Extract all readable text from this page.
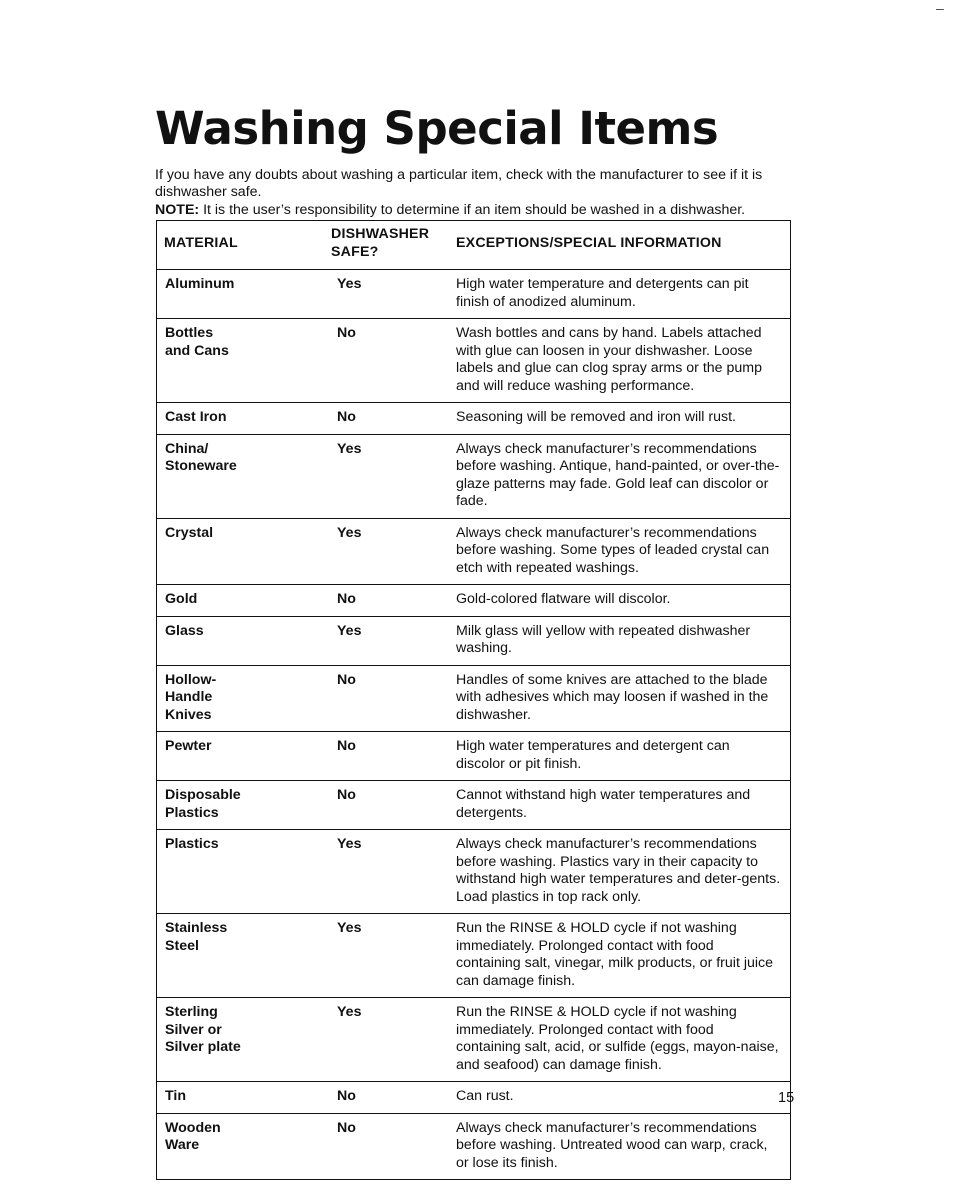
–
Washing Special Items

If you have any doubts about washing a particular item, check with the manufacturer to see if it is dishwasher safe.

NOTE: It is the user’s responsibility to determine if an item should be washed in a dishwasher.

MATERIAL	DISHWASHER SAFE?	EXCEPTIONS/SPECIAL INFORMATION

Aluminum	Yes	High water temperature and detergents can pit finish of anodized aluminum.

Bottles
and Cans	No	Wash bottles and cans by hand. Labels attached with glue can loosen in your dishwasher. Loose labels and glue can clog spray arms or the pump and will reduce washing performance.

Cast Iron	No	Seasoning will be removed and iron will rust.

China/
Stoneware	Yes	Always check manufacturer’s recommendations before washing. Antique, hand-painted, or over-the-glaze patterns may fade. Gold leaf can discolor or fade.

Crystal	Yes	Always check manufacturer’s recommendations before washing. Some types of leaded crystal can etch with repeated washings.

Gold	No	Gold-colored flatware will discolor.

Glass	Yes	Milk glass will yellow with repeated dishwasher washing.

Hollow-
Handle
Knives	No	Handles of some knives are attached to the blade with adhesives which may loosen if washed in the dishwasher.

Pewter	No	High water temperatures and detergent can discolor or pit finish.

Disposable
Plastics	No	Cannot withstand high water temperatures and detergents.

Plastics	Yes	Always check manufacturer’s recommendations before washing. Plastics vary in their capacity to withstand high water temperatures and deter-gents. Load plastics in top rack only.

Stainless
Steel	Yes	Run the RINSE & HOLD cycle if not washing immediately. Prolonged contact with food containing salt, vinegar, milk products, or fruit juice can damage finish.

Sterling
Silver or
Silver plate	Yes	Run the RINSE & HOLD cycle if not washing immediately. Prolonged contact with food containing salt, acid, or sulfide (eggs, mayon-naise, and seafood) can damage finish.

Tin	No	Can rust.

Wooden
Ware	No	Always check manufacturer’s recommendations before washing. Untreated wood can warp, crack, or lose its finish.
15
